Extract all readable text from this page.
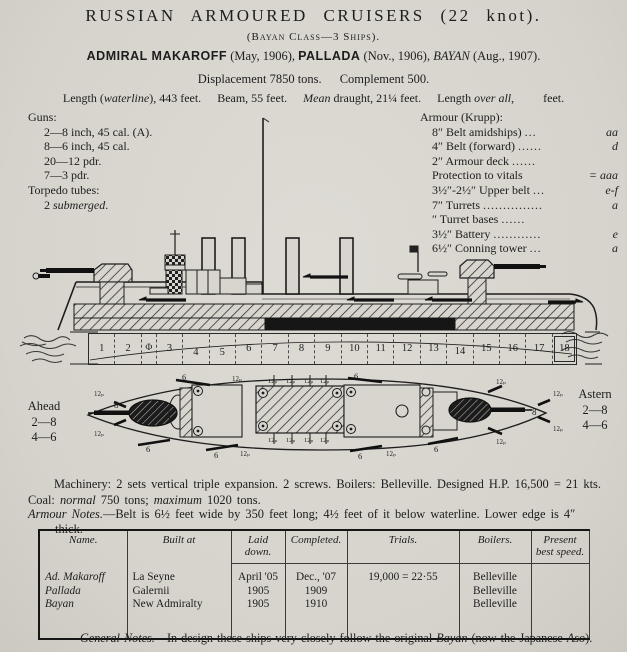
RUSSIAN ARMOURED CRUISERS (22 knot).
(Bayan Class—3 Ships).
ADMIRAL MAKAROFF (May, 1906), PALLADA (Nov., 1906), BAYAN (Aug., 1907).
Displacement 7850 tons. Complement 500.
Length (waterline), 443 feet. Beam, 55 feet. Mean draught, 21¼ feet. Length over all, feet.
Guns:
2—8 inch, 45 cal. (A).
8—6 inch, 45 cal.
20—12 pdr.
7—3 pdr.
Torpedo tubes:
2 submerged.
Armour (Krupp):
8″ Belt amidships) ...	aa
4″ Belt (forward) ......	d
2″ Armour deck ......
Protection to vitals	= aaa
3½″-2½″ Upper belt ...	e-f
7″ Turrets ...............	a
″ Turret bases ......
3½″ Battery ............	e
6½″ Conning tower ...	a
1	2	Φ	3	4	5	6	7	8	9	10	11	12	13	14	15	16	17	18
8
8
6	6
6
6	6
6
12ₚ
12ₚ
12ₚ 12ₚ 12ₚ 12ₚ
12ₚ 12ₚ 12ₚ 12ₚ
12ₚ
12ₚ
12ₚ
12ₚ
12ₚ
12ₚ	12ₚ
Ahead
2—8
4—6
Astern
2—8
4—6
Machinery: 2 sets vertical triple expansion. 2 screws. Boilers: Belleville. Designed H.P. 16,500 = 21 kts. Coal: normal 750 tons; maximum 1020 tons.
Armour Notes.—Belt is 6½ feet wide by 350 feet long; 4½ feet of it below waterline. Lower edge is 4″ thick.
Name.	Built at	Laid down.	Completed.	Trials.	Boilers.	Present best speed.
Ad. Makaroff	La Seyne	April '05	Dec., '07	19,000 = 22·55	Belleville	
Pallada	Galernii	1905	1909		Belleville	
Bayan	New Admiralty	1905	1910		Belleville	

General Notes.—In design these ships very closely follow the original Bayan (now the Japanese Aso).
